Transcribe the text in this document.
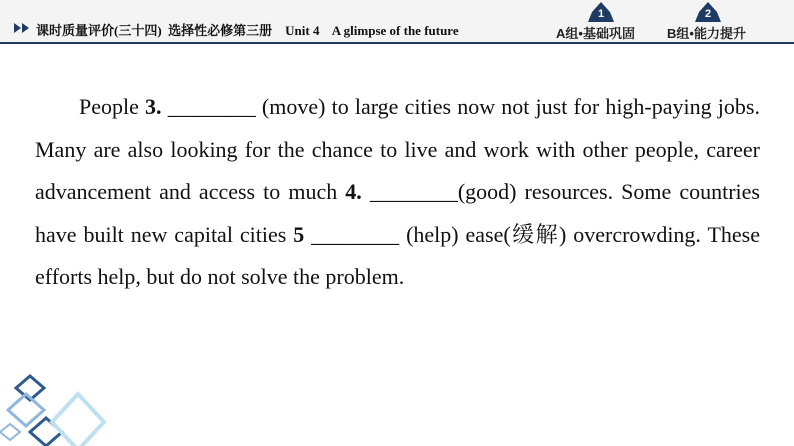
课时质量评价(三十四)  选择性必修第三册    Unit 4    A glimpse of the future
1
A组•基础巩固
2
B组•能力提升

People 3. ________ (move) to large cities now not just for high-paying jobs. Many are also looking for the chance to live and work with other people, career advancement and access to much 4. ________(good) resources. Some countries have built new capital cities 5 ________ (help) ease(缓解) overcrowding. These efforts help, but do not solve the problem.
